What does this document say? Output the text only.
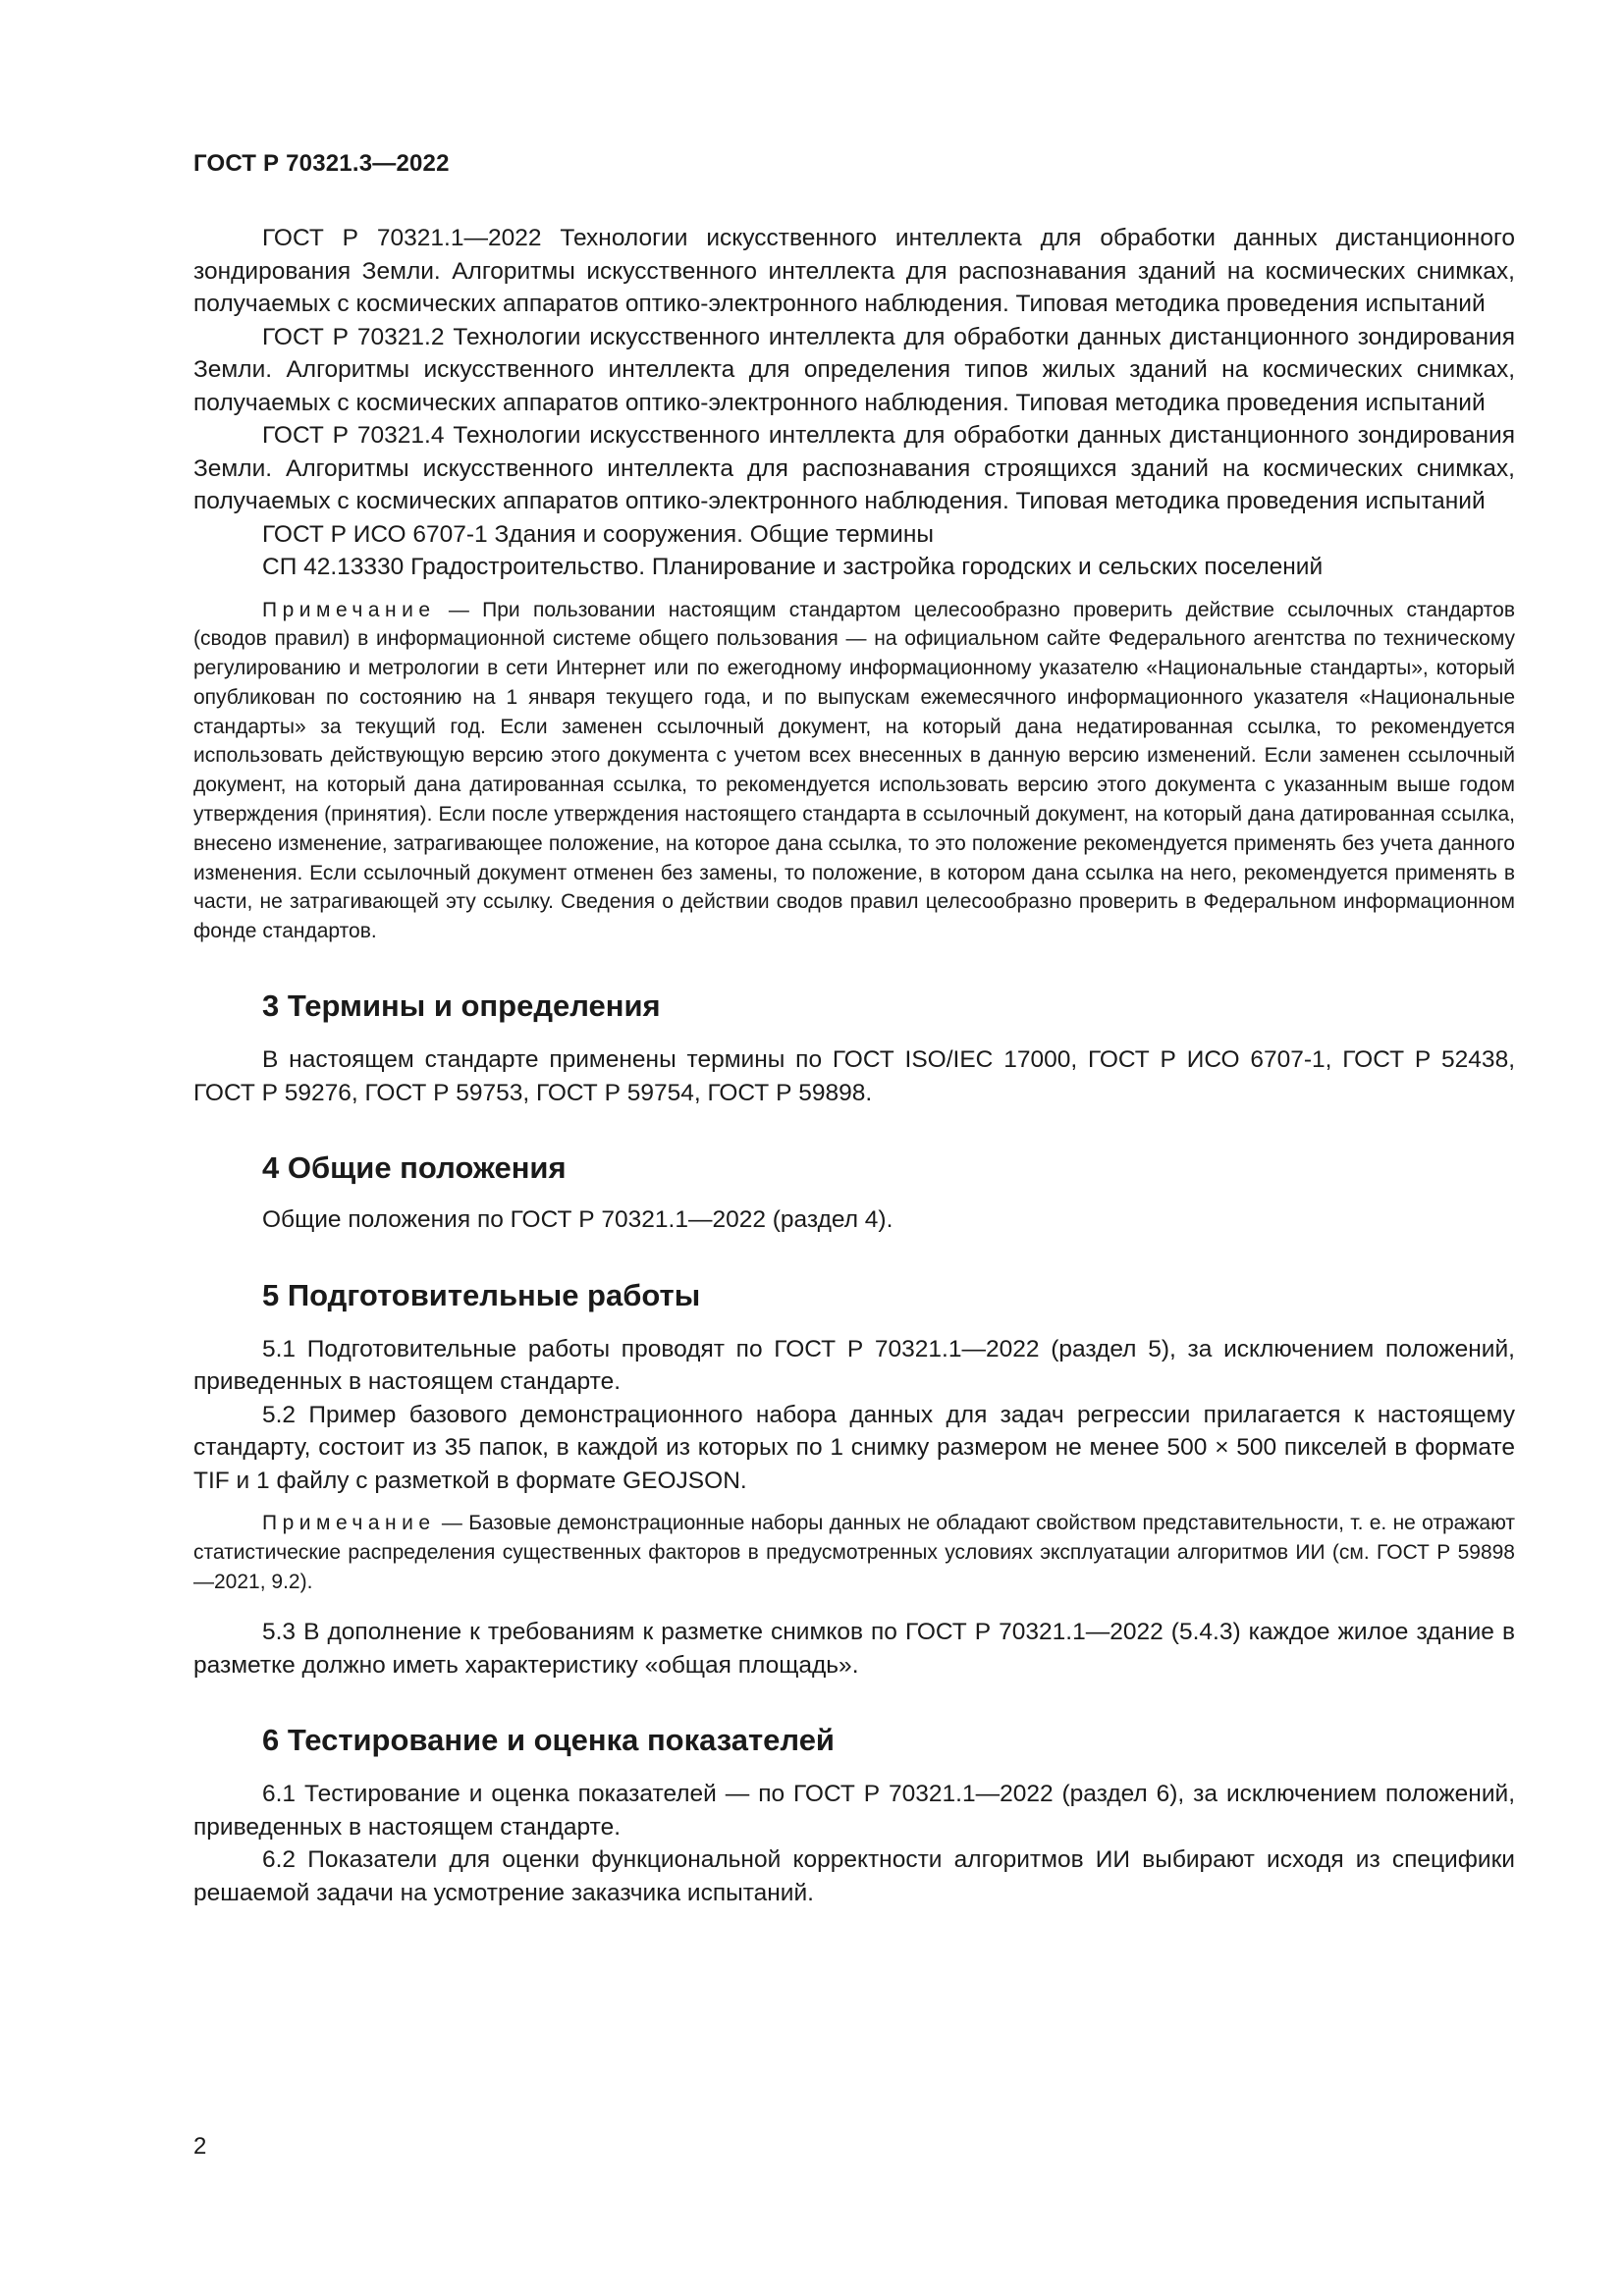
ГОСТ Р 70321.3—2022

ГОСТ Р 70321.1—2022 Технологии искусственного интеллекта для обработки данных дистанционного зондирования Земли. Алгоритмы искусственного интеллекта для распознавания зданий на космических снимках, получаемых с космических аппаратов оптико-электронного наблюдения. Типовая методика проведения испытаний

ГОСТ Р 70321.2 Технологии искусственного интеллекта для обработки данных дистанционного зондирования Земли. Алгоритмы искусственного интеллекта для определения типов жилых зданий на космических снимках, получаемых с космических аппаратов оптико-электронного наблюдения. Типовая методика проведения испытаний

ГОСТ Р 70321.4 Технологии искусственного интеллекта для обработки данных дистанционного зондирования Земли. Алгоритмы искусственного интеллекта для распознавания строящихся зданий на космических снимках, получаемых с космических аппаратов оптико-электронного наблюдения. Типовая методика проведения испытаний

ГОСТ Р ИСО 6707-1 Здания и сооружения. Общие термины

СП 42.13330 Градостроительство. Планирование и застройка городских и сельских поселений

Примечание — При пользовании настоящим стандартом целесообразно проверить действие ссылочных стандартов (сводов правил) в информационной системе общего пользования — на официальном сайте Федерального агентства по техническому регулированию и метрологии в сети Интернет или по ежегодному информационному указателю «Национальные стандарты», который опубликован по состоянию на 1 января текущего года, и по выпускам ежемесячного информационного указателя «Национальные стандарты» за текущий год. Если заменен ссылочный документ, на который дана недатированная ссылка, то рекомендуется использовать действующую версию этого документа с учетом всех внесенных в данную версию изменений. Если заменен ссылочный документ, на который дана датированная ссылка, то рекомендуется использовать версию этого документа с указанным выше годом утверждения (принятия). Если после утверждения настоящего стандарта в ссылочный документ, на который дана датированная ссылка, внесено изменение, затрагивающее положение, на которое дана ссылка, то это положение рекомендуется применять без учета данного изменения. Если ссылочный документ отменен без замены, то положение, в котором дана ссылка на него, рекомендуется применять в части, не затрагивающей эту ссылку. Сведения о действии сводов правил целесообразно проверить в Федеральном информационном фонде стандартов.

3 Термины и определения

В настоящем стандарте применены термины по ГОСТ ISO/IEC 17000, ГОСТ Р ИСО 6707-1, ГОСТ Р 52438, ГОСТ Р 59276, ГОСТ Р 59753, ГОСТ Р 59754, ГОСТ Р 59898.

4 Общие положения

Общие положения по ГОСТ Р 70321.1—2022 (раздел 4).

5 Подготовительные работы

5.1 Подготовительные работы проводят по ГОСТ Р 70321.1—2022 (раздел 5), за исключением положений, приведенных в настоящем стандарте.

5.2 Пример базового демонстрационного набора данных для задач регрессии прилагается к настоящему стандарту, состоит из 35 папок, в каждой из которых по 1 снимку размером не менее 500 × 500 пикселей в формате TIF и 1 файлу с разметкой в формате GEOJSON.

Примечание — Базовые демонстрационные наборы данных не обладают свойством представительности, т. е. не отражают статистические распределения существенных факторов в предусмотренных условиях эксплуатации алгоритмов ИИ (см. ГОСТ Р 59898—2021, 9.2).

5.3 В дополнение к требованиям к разметке снимков по ГОСТ Р 70321.1—2022 (5.4.3) каждое жилое здание в разметке должно иметь характеристику «общая площадь».

6 Тестирование и оценка показателей

6.1 Тестирование и оценка показателей — по ГОСТ Р 70321.1—2022 (раздел 6), за исключением положений, приведенных в настоящем стандарте.

6.2 Показатели для оценки функциональной корректности алгоритмов ИИ выбирают исходя из специфики решаемой задачи на усмотрение заказчика испытаний.

2
